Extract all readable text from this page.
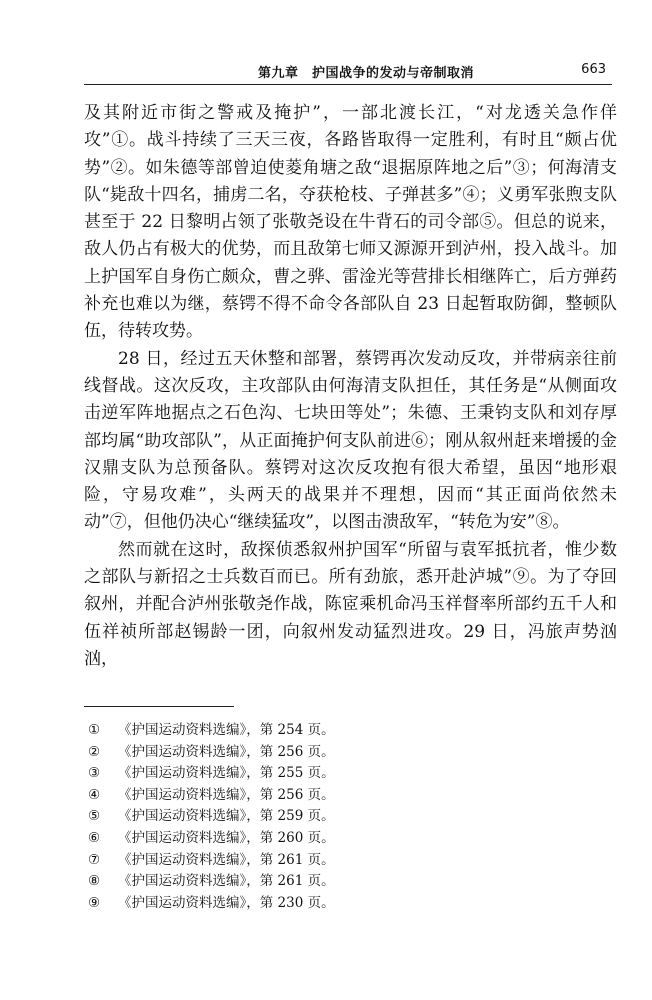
第九章　护国战争的发动与帝制取消	663

及其附近市街之警戒及掩护”，一部北渡长江，“对龙透关急作佯攻”①。战斗持续了三天三夜，各路皆取得一定胜利，有时且“颇占优势”②。如朱德等部曾迫使菱角塘之敌“退据原阵地之后”③；何海清支队“毙敌十四名，捕虏二名，夺获枪枝、子弹甚多”④；义勇军张煦支队甚至于 22 日黎明占领了张敬尧设在牛背石的司令部⑤。但总的说来，敌人仍占有极大的优势，而且敌第七师又源源开到泸州，投入战斗。加上护国军自身伤亡颇众，曹之骅、雷淦光等营排长相继阵亡，后方弹药补充也难以为继，蔡锷不得不命令各部队自 23 日起暂取防御，整顿队伍，待转攻势。

28 日，经过五天休整和部署，蔡锷再次发动反攻，并带病亲往前线督战。这次反攻，主攻部队由何海清支队担任，其任务是“从侧面攻击逆军阵地据点之石色沟、七块田等处”；朱德、王秉钧支队和刘存厚部均属“助攻部队”，从正面掩护何支队前进⑥；刚从叙州赶来增援的金汉鼎支队为总预备队。蔡锷对这次反攻抱有很大希望，虽因“地形艰险，守易攻难”，头两天的战果并不理想，因而“其正面尚依然未动”⑦，但他仍决心“继续猛攻”，以图击溃敌军，“转危为安”⑧。

然而就在这时，敌探侦悉叙州护国军“所留与袁军抵抗者，惟少数之部队与新招之士兵数百而已。所有劲旅，悉开赴泸城”⑨。为了夺回叙州，并配合泸州张敬尧作战，陈宧乘机命冯玉祥督率所部约五千人和伍祥祯所部赵锡龄一团，向叙州发动猛烈进攻。29 日，冯旅声势汹汹，

① 《护国运动资料选编》，第 254 页。
② 《护国运动资料选编》，第 256 页。
③ 《护国运动资料选编》，第 255 页。
④ 《护国运动资料选编》，第 256 页。
⑤ 《护国运动资料选编》，第 259 页。
⑥ 《护国运动资料选编》，第 260 页。
⑦ 《护国运动资料选编》，第 261 页。
⑧ 《护国运动资料选编》，第 261 页。
⑨ 《护国运动资料选编》，第 230 页。
